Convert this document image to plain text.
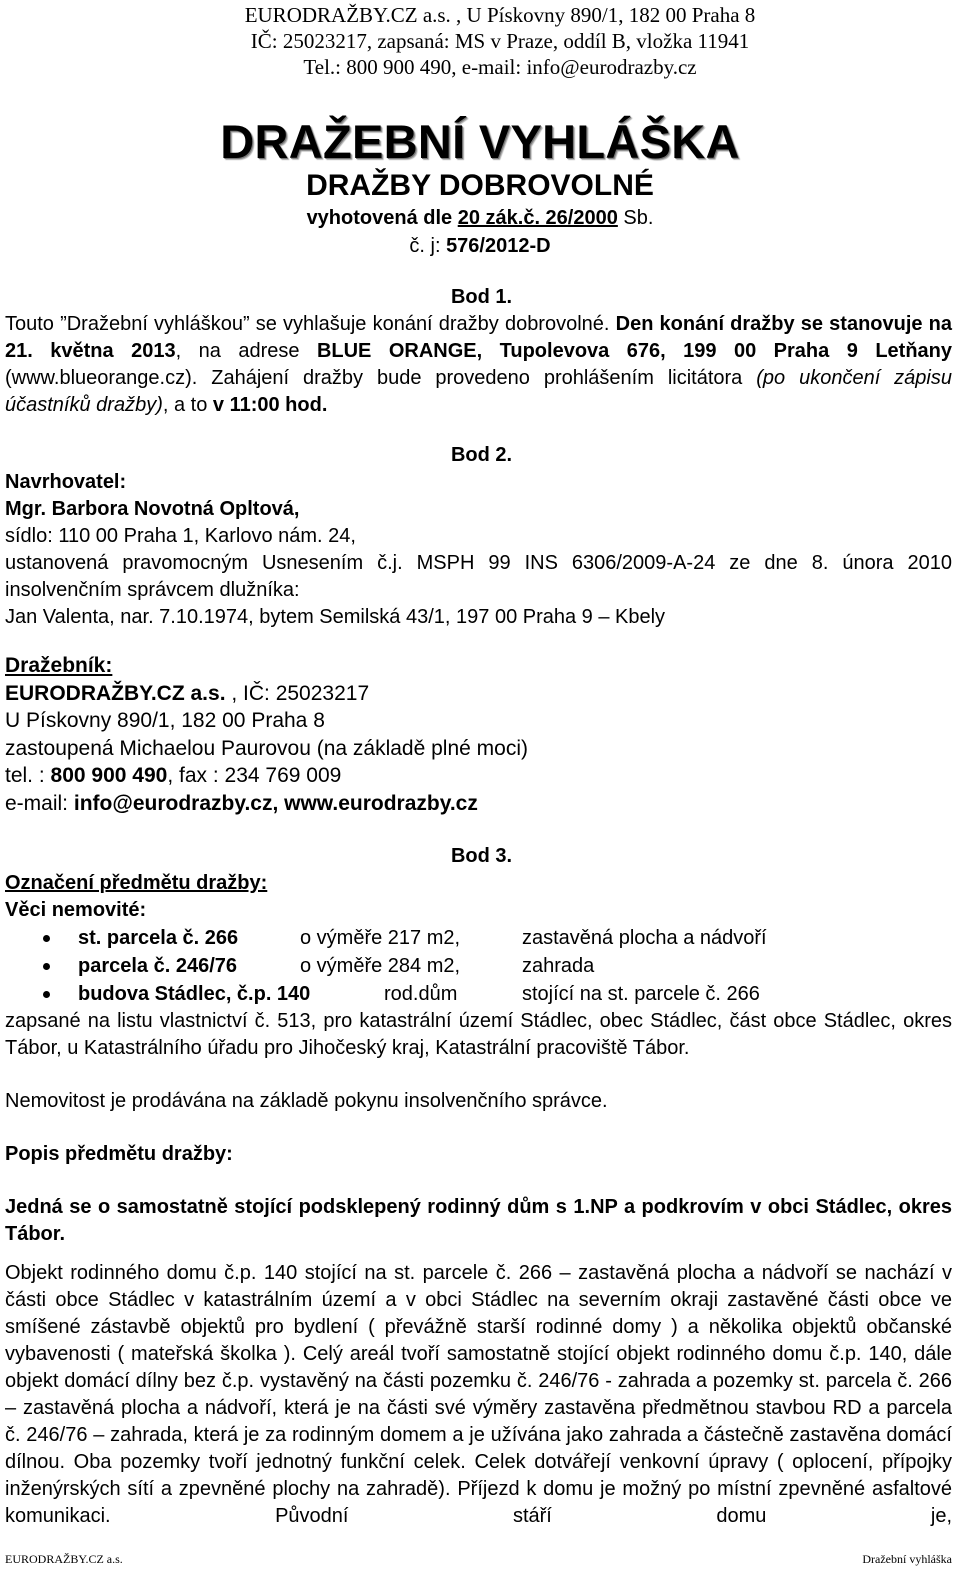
EURODRAŽBY.CZ a.s. , U Pískovny 890/1, 182 00 Praha 8
IČ: 25023217, zapsaná: MS v Praze, oddíl B, vložka 11941
Tel.: 800 900 490, e-mail: info@eurodrazby.cz
DRAŽEBNÍ VYHLÁŠKA
DRAŽBY DOBROVOLNÉ
vyhotovená dle 20 zák.č. 26/2000 Sb.
č. j: 576/2012-D
Bod 1.

Touto ”Dražební vyhláškou” se vyhlašuje konání dražby dobrovolné. Den konání dražby se stanovuje na 21. května 2013, na adrese BLUE ORANGE, Tupolevova 676, 199 00 Praha 9 Letňany (www.blueorange.cz). Zahájení dražby bude provedeno prohlášením licitátora (po ukončení zápisu účastníků dražby), a to v 11:00 hod.

Bod 2.

Navrhovatel:

Mgr. Barbora Novotná Opltová,

sídlo: 110 00 Praha 1, Karlovo nám. 24,

ustanovená pravomocným Usnesením č.j. MSPH 99 INS 6306/2009-A-24 ze dne 8. února 2010 insolvenčním správcem dlužníka:

Jan Valenta, nar. 7.10.1974, bytem Semilská 43/1, 197 00 Praha 9 – Kbely

Dražebník:

EURODRAŽBY.CZ a.s. , IČ: 25023217

U Pískovny 890/1, 182 00 Praha 8

zastoupená Michaelou Paurovou (na základě plné moci)

tel. : 800 900 490, fax : 234 769 009

e-mail: info@eurodrazby.cz, www.eurodrazby.cz

Bod 3.

Označení předmětu dražby:

Věci nemovité:

st. parcela č. 266	o výměře 217 m2,	zastavěná plocha a nádvoří
parcela č. 246/76	o výměře 284 m2,	zahrada
budova Stádlec, č.p. 140	rod.dům	stojící na st. parcele č. 266

zapsané na listu vlastnictví č. 513, pro katastrální území Stádlec, obec Stádlec, část obce Stádlec, okres Tábor, u Katastrálního úřadu pro Jihočeský kraj, Katastrální pracoviště Tábor.

Nemovitost je prodávána na základě pokynu insolvenčního správce.

Popis předmětu dražby:

Jedná se o samostatně stojící podsklepený rodinný dům s 1.NP a podkrovím v obci Stádlec, okres Tábor.

Objekt rodinného domu č.p. 140 stojící na st. parcele č. 266 – zastavěná plocha a nádvoří se nachází v části obce Stádlec v katastrálním území a v obci Stádlec na severním okraji zastavěné části obce ve smíšené zástavbě objektů pro bydlení ( převážně starší rodinné domy ) a několika objektů občanské vybavenosti ( mateřská školka ). Celý areál tvoří samostatně stojící objekt rodinného domu č.p. 140, dále objekt domácí dílny bez č.p. vystavěný na části pozemku č. 246/76 - zahrada a pozemky st. parcela č. 266 – zastavěná plocha a nádvoří, která je na části své výměry zastavěna předmětnou stavbou RD a parcela č. 246/76 – zahrada, která je za rodinným domem a je užívána jako zahrada a částečně zastavěna domácí dílnou. Oba pozemky tvoří jednotný funkční celek. Celek dotvářejí venkovní úpravy ( oplocení, přípojky inženýrských sítí a zpevněné plochy na zahradě). Příjezd k domu je možný po místní zpevněné asfaltové komunikaci. Původní stáří domu je,

EURODRAŽBY.CZ a.s.	Dražební vyhláška
